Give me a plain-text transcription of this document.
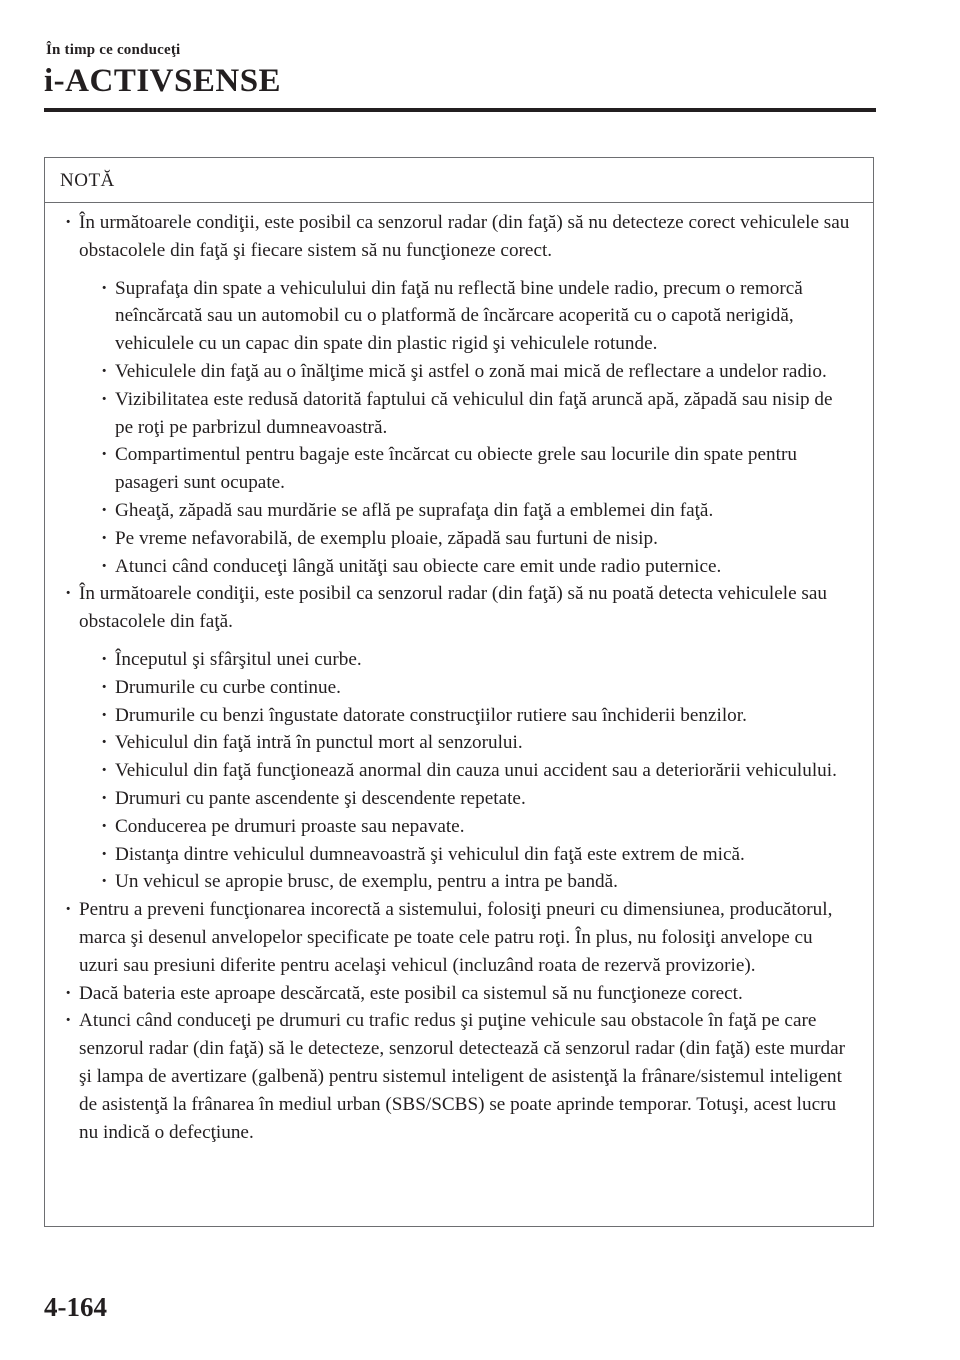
În timp ce conduceţi
i-ACTIVSENSE
NOTĂ
· În următoarele condiţii, este posibil ca senzorul radar (din faţă) să nu detecteze corect vehiculele sau obstacolele din faţă şi fiecare sistem să nu funcţioneze corect.
· Suprafaţa din spate a vehiculului din faţă nu reflectă bine undele radio, precum o remorcă neîncărcată sau un automobil cu o platformă de încărcare acoperită cu o capotă nerigidă, vehiculele cu un capac din spate din plastic rigid şi vehiculele rotunde.
· Vehiculele din faţă au o înălţime mică şi astfel o zonă mai mică de reflectare a undelor radio.
· Vizibilitatea este redusă datorită faptului că vehiculul din faţă aruncă apă, zăpadă sau nisip de pe roţi pe parbrizul dumneavoastră.
· Compartimentul pentru bagaje este încărcat cu obiecte grele sau locurile din spate pentru pasageri sunt ocupate.
· Gheaţă, zăpadă sau murdărie se află pe suprafaţa din faţă a emblemei din faţă.
· Pe vreme nefavorabilă, de exemplu ploaie, zăpadă sau furtuni de nisip.
· Atunci când conduceţi lângă unităţi sau obiecte care emit unde radio puternice.
· În următoarele condiţii, este posibil ca senzorul radar (din faţă) să nu poată detecta vehiculele sau obstacolele din faţă.
· Începutul şi sfârşitul unei curbe.
· Drumurile cu curbe continue.
· Drumurile cu benzi îngustate datorate construcţiilor rutiere sau închiderii benzilor.
· Vehiculul din faţă intră în punctul mort al senzorului.
· Vehiculul din faţă funcţionează anormal din cauza unui accident sau a deteriorării vehiculului.
· Drumuri cu pante ascendente şi descendente repetate.
· Conducerea pe drumuri proaste sau nepavate.
· Distanţa dintre vehiculul dumneavoastră şi vehiculul din faţă este extrem de mică.
· Un vehicul se apropie brusc, de exemplu, pentru a intra pe bandă.
· Pentru a preveni funcţionarea incorectă a sistemului, folosiţi pneuri cu dimensiunea, producătorul, marca şi desenul anvelopelor specificate pe toate cele patru roţi. În plus, nu folosiţi anvelope cu uzuri sau presiuni diferite pentru acelaşi vehicul (incluzând roata de rezervă provizorie).
· Dacă bateria este aproape descărcată, este posibil ca sistemul să nu funcţioneze corect.
· Atunci când conduceţi pe drumuri cu trafic redus şi puţine vehicule sau obstacole în faţă pe care senzorul radar (din faţă) să le detecteze, senzorul detectează că senzorul radar (din faţă) este murdar şi lampa de avertizare (galbenă) pentru sistemul inteligent de asistenţă la frânare/sistemul inteligent de asistenţă la frânarea în mediul urban (SBS/SCBS) se poate aprinde temporar. Totuşi, acest lucru nu indică o defecţiune.
4-164
